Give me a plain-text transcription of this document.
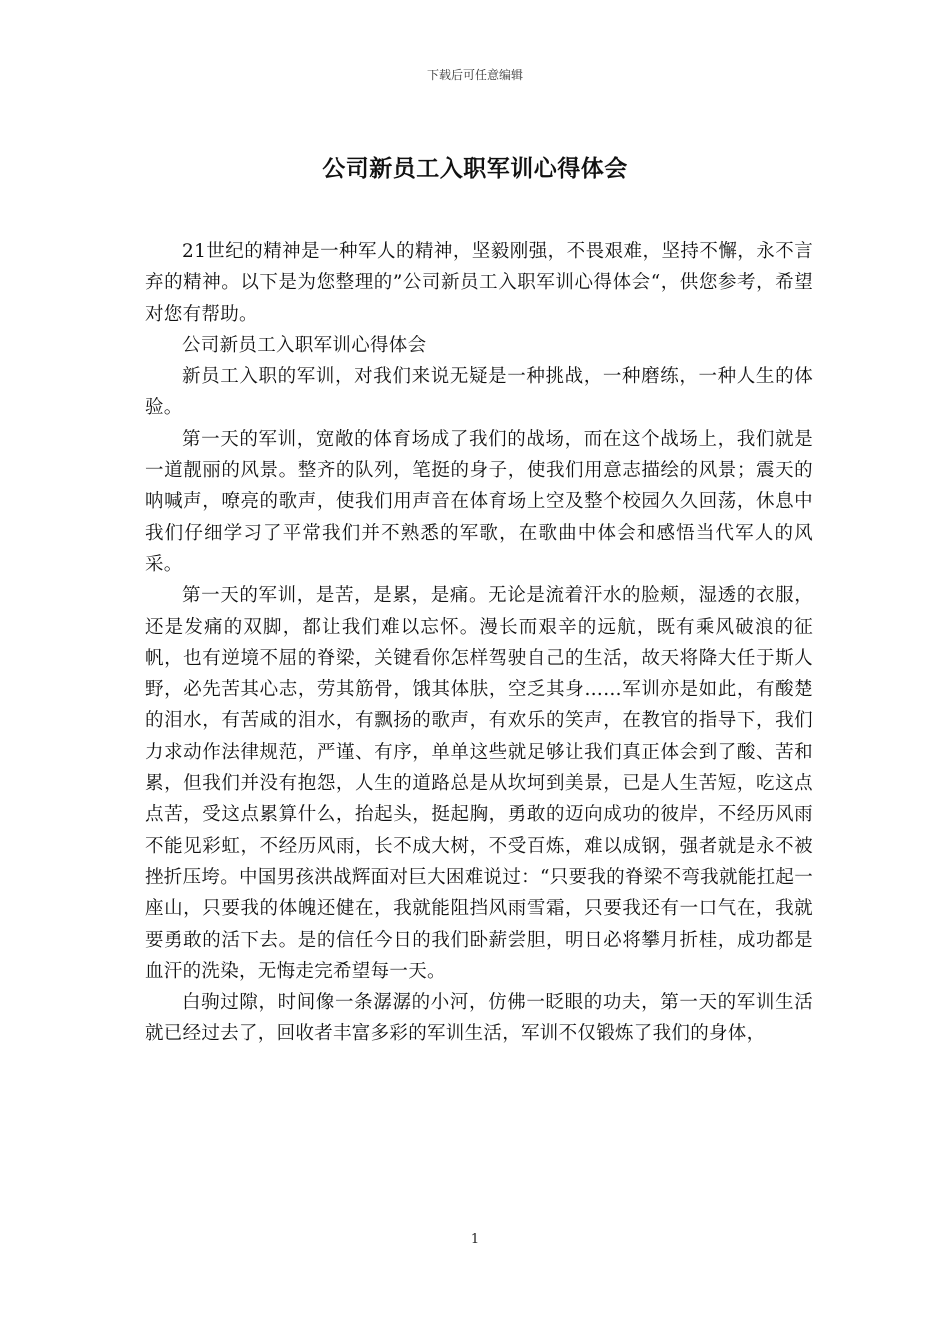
下载后可任意编辑
公司新员工入职军训心得体会

21世纪的精神是一种军人的精神，坚毅刚强，不畏艰难，坚持不懈，永不言弃的精神。以下是为您整理的”公司新员工入职军训心得体会“，供您参考，希望对您有帮助。

公司新员工入职军训心得体会

新员工入职的军训，对我们来说无疑是一种挑战，一种磨练，一种人生的体验。

第一天的军训，宽敞的体育场成了我们的战场，而在这个战场上，我们就是一道靓丽的风景。整齐的队列，笔挺的身子，使我们用意志描绘的风景；震天的呐喊声，嘹亮的歌声，使我们用声音在体育场上空及整个校园久久回荡，休息中我们仔细学习了平常我们并不熟悉的军歌，在歌曲中体会和感悟当代军人的风采。

第一天的军训，是苦，是累，是痛。无论是流着汗水的脸颊，湿透的衣服，还是发痛的双脚，都让我们难以忘怀。漫长而艰辛的远航，既有乘风破浪的征帆，也有逆境不屈的脊梁，关键看你怎样驾驶自己的生活，故天将降大任于斯人野，必先苦其心志，劳其筋骨，饿其体肤，空乏其身……军训亦是如此，有酸楚的泪水，有苦咸的泪水，有飘扬的歌声，有欢乐的笑声，在教官的指导下，我们力求动作法律规范，严谨、有序，单单这些就足够让我们真正体会到了酸、苦和累，但我们并没有抱怨，人生的道路总是从坎坷到美景，已是人生苦短，吃这点点苦，受这点累算什么，抬起头，挺起胸，勇敢的迈向成功的彼岸，不经历风雨不能见彩虹，不经历风雨，长不成大树，不受百炼，难以成钢，强者就是永不被挫折压垮。中国男孩洪战辉面对巨大困难说过：“只要我的脊梁不弯我就能扛起一座山，只要我的体魄还健在，我就能阻挡风雨雪霜，只要我还有一口气在，我就要勇敢的活下去。是的信任今日的我们卧薪尝胆，明日必将攀月折桂，成功都是血汗的洗染，无悔走完希望每一天。

白驹过隙，时间像一条潺潺的小河，仿佛一眨眼的功夫，第一天的军训生活就已经过去了，回收者丰富多彩的军训生活，军训不仅锻炼了我们的身体，

1
